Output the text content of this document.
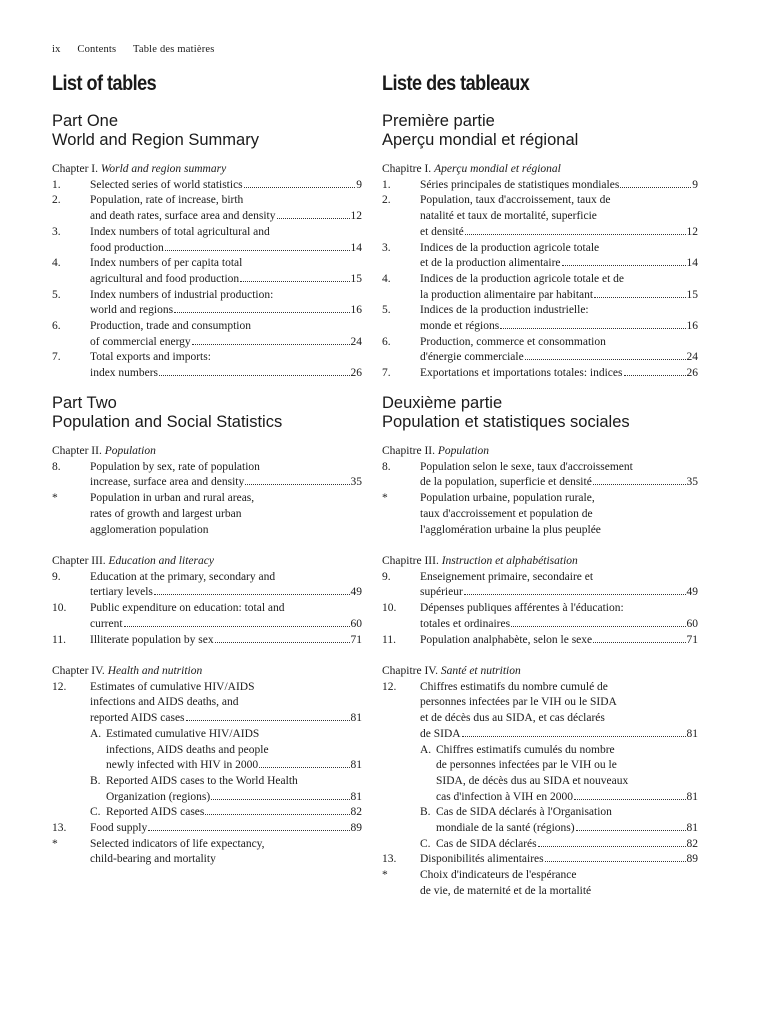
ix Contents Table des matières
List of tables
Part One
World and Region Summary
Chapter I. World and region summary
1.	Selected series of world statistics	9
2.	Population, rate of increase, birth
and death rates, surface area and density	12
3.	Index numbers of total agricultural and
food production	14
4.	Index numbers of per capita total
agricultural and food production	15
5.	Index numbers of industrial production:
world and regions	16
6.	Production, trade and consumption
of commercial energy	24
7.	Total exports and imports:
index numbers	26
Part Two
Population and Social Statistics
Chapter II. Population
8.	Population by sex, rate of population
increase, surface area and density	35
*	Population in urban and rural areas,
rates of growth and largest urban
agglomeration population
Chapter III. Education and literacy
9.	Education at the primary, secondary and
tertiary levels	49
10. Public expenditure on education: total and
current	60
11. Illiterate population by sex	71
Chapter IV. Health and nutrition
12. Estimates of cumulative HIV/AIDS
infections and AIDS deaths, and
reported AIDS cases	81
A. Estimated cumulative HIV/AIDS
infections, AIDS deaths and people
newly infected with HIV in 2000	81
B. Reported AIDS cases to the World Health
Organization (regions)	81
C. Reported AIDS cases	82
13. Food supply	89
*	Selected indicators of life expectancy,
child-bearing and mortality
Liste des tableaux
Première partie
Aperçu mondial et régional
Chapitre I. Aperçu mondial et régional
1.	Séries principales de statistiques mondiales	9
2.	Population, taux d'accroissement, taux de
natalité et taux de mortalité, superficie
et densité	12
3.	Indices de la production agricole totale
et de la production alimentaire	14
4.	Indices de la production agricole totale et de
la production alimentaire par habitant	15
5.	Indices de la production industrielle:
monde et régions	16
6.	Production, commerce et consommation
d'énergie commerciale	24
7.	Exportations et importations totales: indices	26
Deuxième partie
Population et statistiques sociales
Chapitre II. Population
8.	Population selon le sexe, taux d'accroissement
de la population, superficie et densité	35
*	Population urbaine, population rurale,
taux d'accroissement et population de
l'agglomération urbaine la plus peuplée
Chapitre III. Instruction et alphabétisation
9.	Enseignement primaire, secondaire et
supérieur	49
10. Dépenses publiques afférentes à l'éducation:
totales et ordinaires	60
11. Population analphabète, selon le sexe	71
Chapitre IV. Santé et nutrition
12. Chiffres estimatifs du nombre cumulé de
personnes infectées par le VIH ou le SIDA
et de décès dus au SIDA, et cas déclarés
de SIDA	81
A. Chiffres estimatifs cumulés du nombre
de personnes infectées par le VIH ou le
SIDA, de décès dus au SIDA et nouveaux
cas d'infection à VIH en 2000	81
B. Cas de SIDA déclarés à l'Organisation
mondiale de la santé (régions)	81
C. Cas de SIDA déclarés	82
13. Disponibilités alimentaires	89
*	Choix d'indicateurs de l'espérance
de vie, de maternité et de la mortalité
